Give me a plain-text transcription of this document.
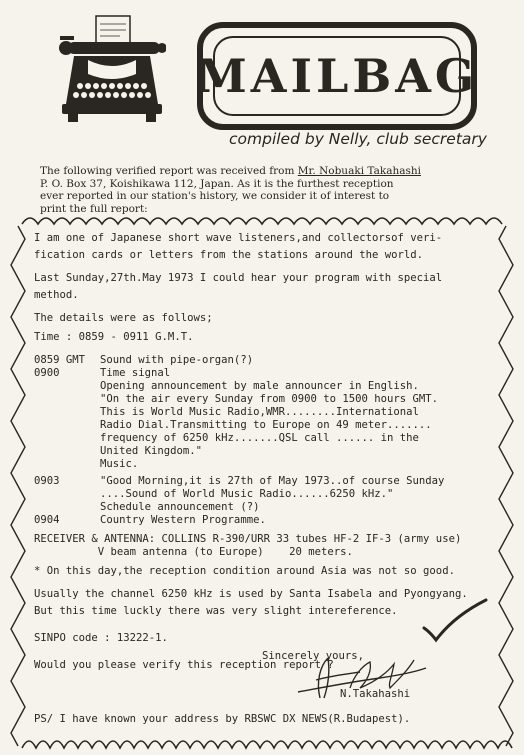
MAILBAG
compiled by Nelly, club secretary
The following verified report was received from Mr. Nobuaki Takahashi
P. O. Box 37, Koishikawa 112, Japan. As it is the furthest reception
ever reported in our station's history, we consider it of interest to
print the full report:
I am one of Japanese short wave listeners,and collectorsof veri-
fication cards or letters from the stations around the world.
Last Sunday,27th.May 1973 I could hear your program with special
method.
The details were as follows;
Time : 0859 - 0911 G.M.T.
0859 GMT	Sound with pipe-organ(?)
0900	Time signal
Opening announcement by male announcer in English.
"On the air every Sunday from 0900 to 1500 hours GMT.
This is World Music Radio,WMR........International
Radio Dial.Transmitting to Europe on 49 meter.......
frequency of 6250 kHz.......QSL call ...... in the
United Kingdom."
Music.
0903	"Good Morning,it is 27th of May 1973..of course Sunday
....Sound of World Music Radio......6250 kHz."
Schedule announcement (?)
0904	Country Western Programme.
RECEIVER & ANTENNA: COLLINS R-390/URR 33 tubes HF-2 IF-3 (army use)
V beam antenna (to Europe)    20 meters.
* On this day,the reception condition around Asia was not so good.
Usually the channel 6250 kHz is used by Santa Isabela and Pyongyang.
But this time luckly there was very slight intereference.
SINPO code : 13222-1.
Would you please verify this reception report ?
Sincerely yours,
N.Takahashi
PS/ I have known your address by RBSWC DX NEWS(R.Budapest).
